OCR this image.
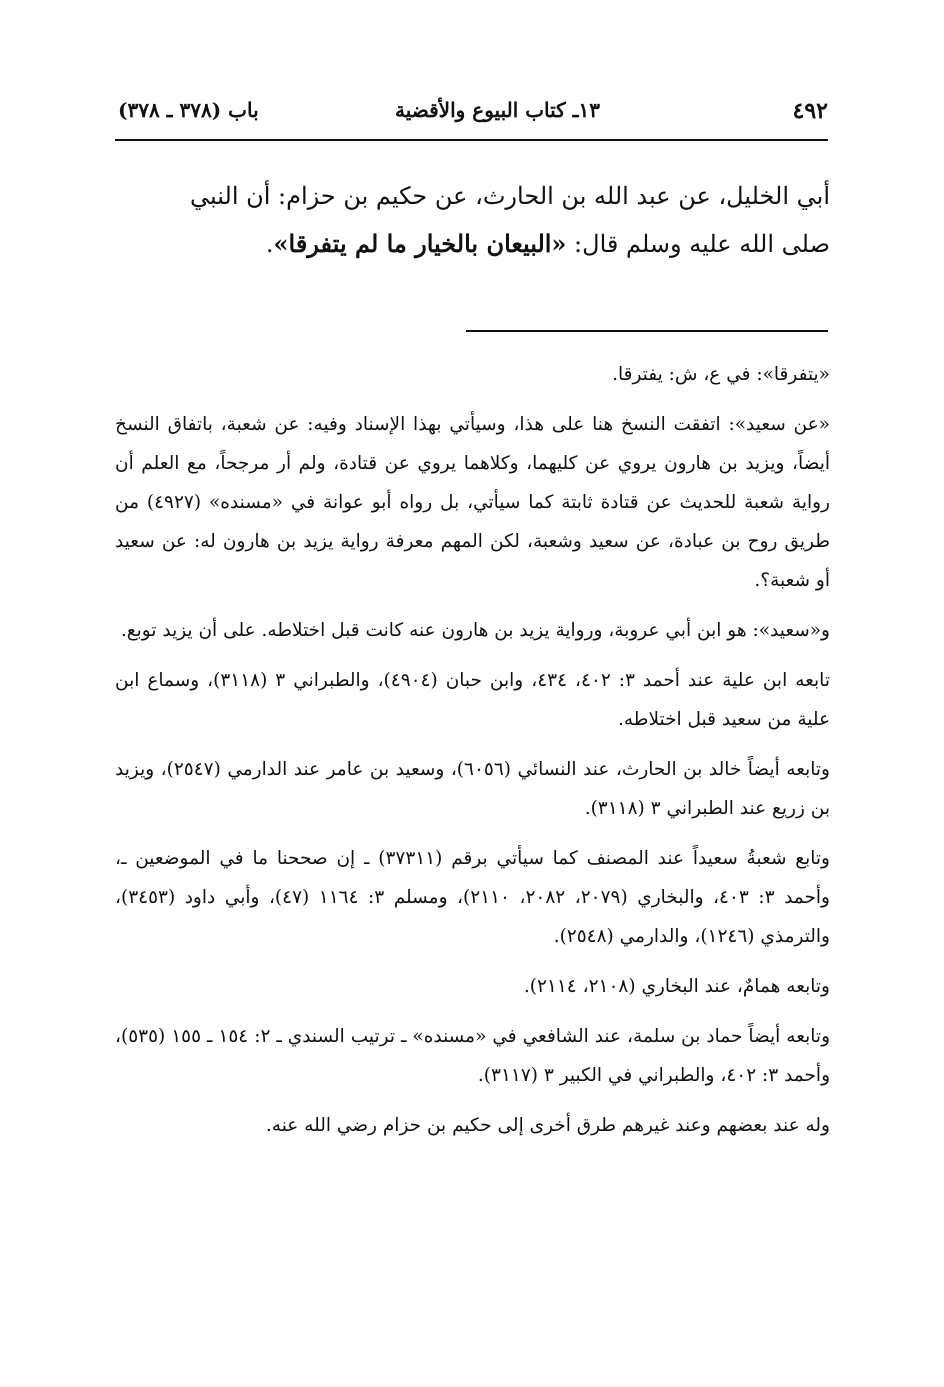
٤٩٢
١٣ـ كتاب البيوع والأقضية
باب (٣٧٨ ـ ٣٧٨)

أبي الخليل، عن عبد الله بن الحارث، عن حكيم بن حزام: أن النبي

صلى الله عليه وسلم قال: «البيعان بالخيار ما لم يتفرقا».

«يتفرقا»: في ع، ش: يفترقا.

«عن سعيد»: اتفقت النسخ هنا على هذا، وسيأتي بهذا الإسناد وفيه: عن شعبة، باتفاق النسخ أيضاً، ويزيد بن هارون يروي عن كليهما، وكلاهما يروي عن قتادة، ولم أر مرجحاً، مع العلم أن رواية شعبة للحديث عن قتادة ثابتة كما سيأتي، بل رواه أبو عوانة في «مسنده» (٤٩٢٧) من طريق روح بن عبادة، عن سعيد وشعبة، لكن المهم معرفة رواية يزيد بن هارون له: عن سعيد أو شعبة؟.

و«سعيد»: هو ابن أبي عروبة، ورواية يزيد بن هارون عنه كانت قبل اختلاطه. على أن يزيد توبع.

تابعه ابن علية عند أحمد ٣: ٤٠٢، ٤٣٤، وابن حبان (٤٩٠٤)، والطبراني ٣ (٣١١٨)، وسماع ابن علية من سعيد قبل اختلاطه.

وتابعه أيضاً خالد بن الحارث، عند النسائي (٦٠٥٦)، وسعيد بن عامر عند الدارمي (٢٥٤٧)، ويزيد بن زريع عند الطبراني ٣ (٣١١٨).

وتابع شعبةُ سعيداً عند المصنف كما سيأتي برقم (٣٧٣١١) ـ إن صححنا ما في الموضعين ـ، وأحمد ٣: ٤٠٣، والبخاري (٢٠٧٩، ٢٠٨٢، ٢١١٠)، ومسلم ٣: ١١٦٤ (٤٧)، وأبي داود (٣٤٥٣)، والترمذي (١٢٤٦)، والدارمي (٢٥٤٨).

وتابعه همامٌ، عند البخاري (٢١٠٨، ٢١١٤).

وتابعه أيضاً حماد بن سلمة، عند الشافعي في «مسنده» ـ ترتيب السندي ـ ٢: ١٥٤ ـ ١٥٥ (٥٣٥)، وأحمد ٣: ٤٠٢، والطبراني في الكبير ٣ (٣١١٧).

وله عند بعضهم وعند غيرهم طرق أخرى إلى حكيم بن حزام رضي الله عنه.
